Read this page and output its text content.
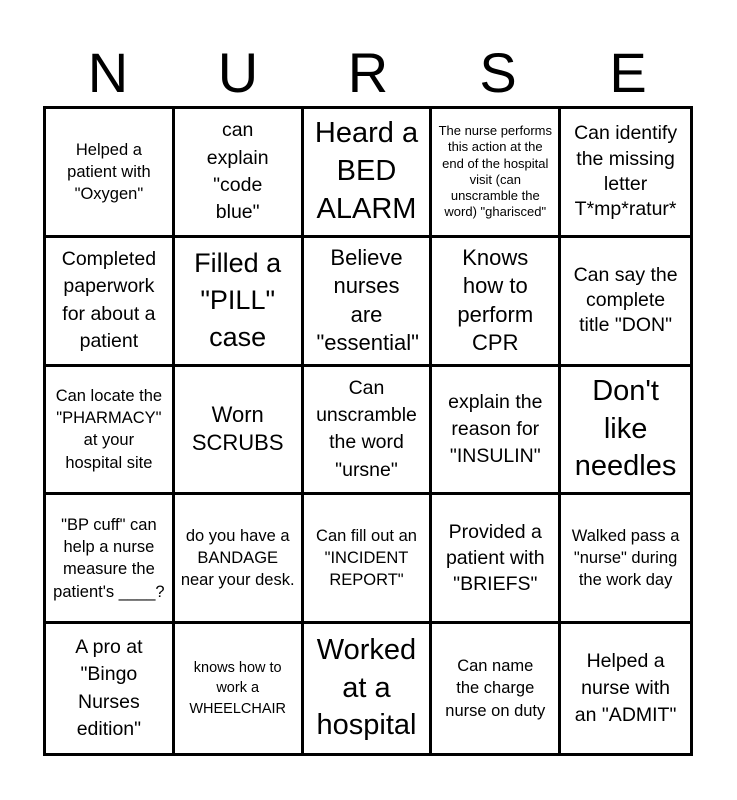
N	U	R	S	E
Helped a patient with "Oxygen"
can explain "code blue"
Heard a BED ALARM
The nurse performs this action at the end of the hospital visit (can unscramble the word) "gharisced"
Can identify the missing letter T*mp*ratur*
Completed paperwork for about a patient
Filled a "PILL" case
Believe nurses are "essential"
Knows how to perform CPR
Can say the complete title "DON"
Can locate the "PHARMACY" at your hospital site
Worn SCRUBS
Can unscramble the word "ursne"
explain the reason for "INSULIN"
Don't like needles
"BP cuff" can help a nurse measure the patient's ____?
do you have a BANDAGE near your desk.
Can fill out an "INCIDENT REPORT"
Provided a patient with "BRIEFS"
Walked pass a "nurse" during the work day
A pro at "Bingo Nurses edition"
knows how to work a WHEELCHAIR
Worked at a hospital
Can name the charge nurse on duty
Helped a nurse with an "ADMIT"
